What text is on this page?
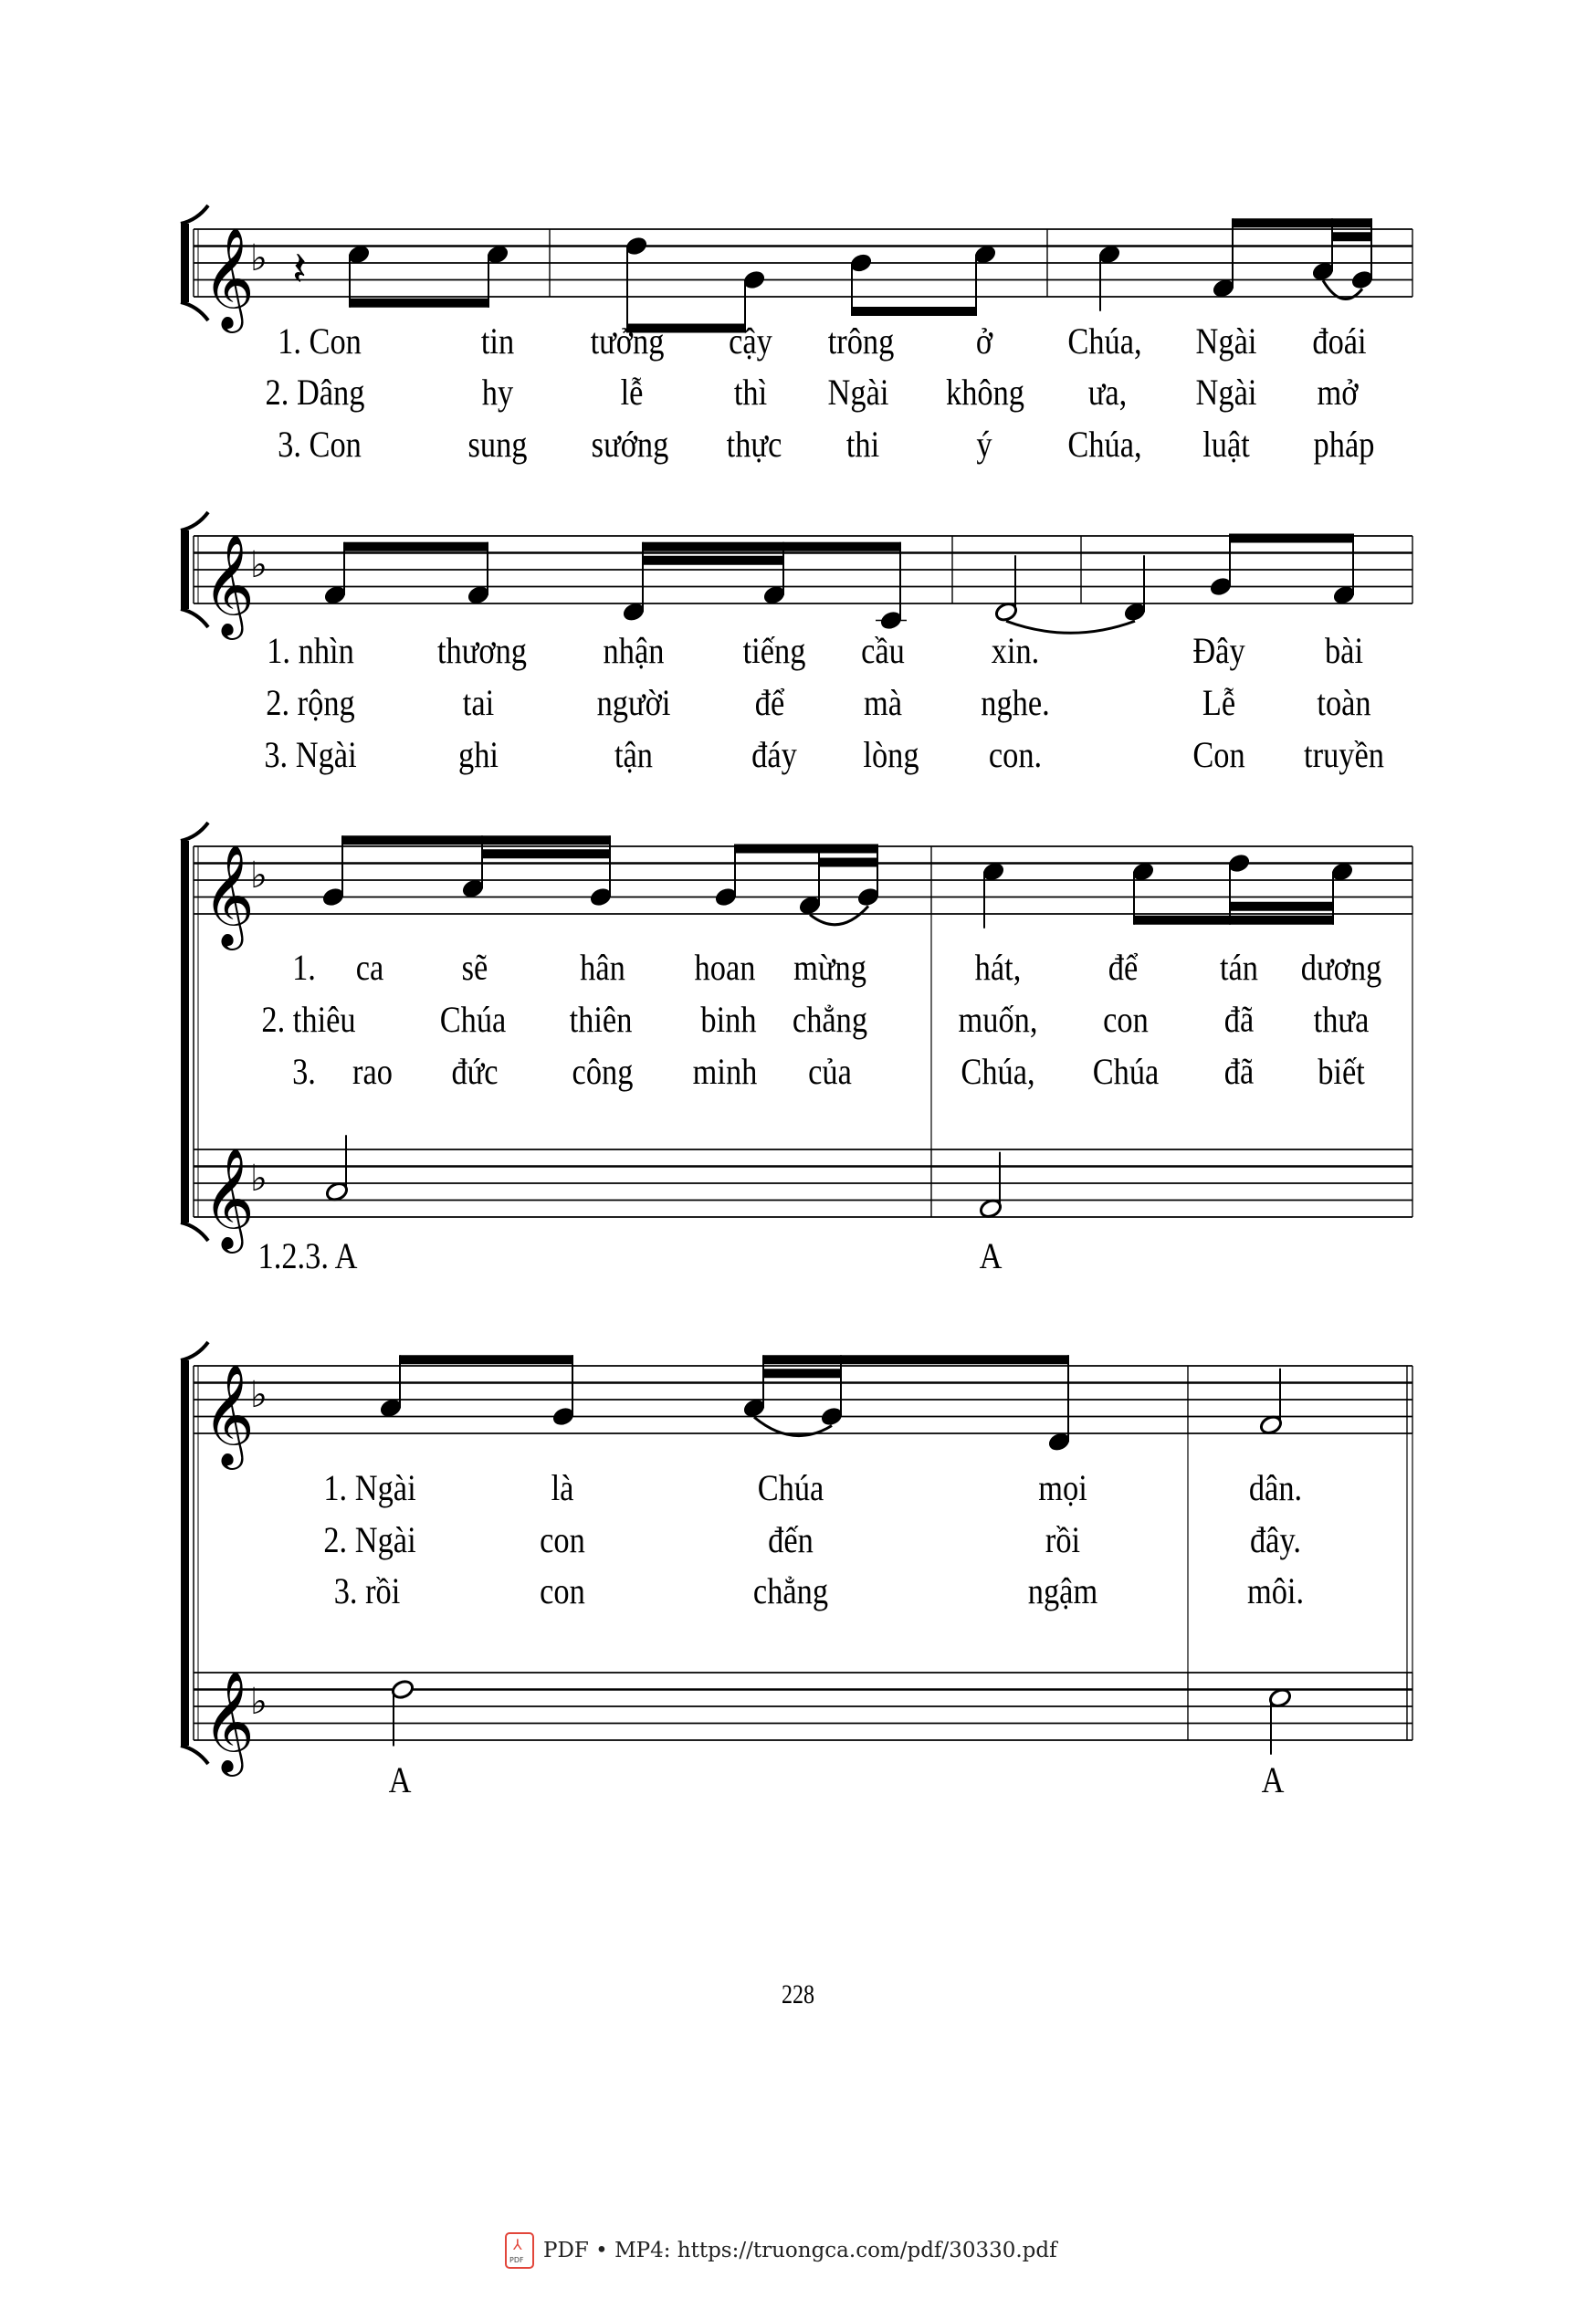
𝄞
♭ 𝄽
𝄞
♭
𝄞
♭
𝄞
♭
𝄞
♭
𝄞
♭
1. Con	tin tưởng cậy trông ở Chúa, Ngài đoái
2. Dâng	hy	lễ thì Ngài không ưa, Ngài mở
3. Con	sung sướng thực thi	ý Chúa, luật pháp
1. nhìn thương nhận tiếng cầu xin.	Đây bài
2. rộng	tai	người để mà nghe.	Lễ toàn
3. Ngài	ghi	tận	đáy lòng con.	Con truyền
1.2.3. A	A
1. ca sẽ	hân hoan mừng	hát, để tán dương
2. thiêu Chúa thiên binh chẳng muốn, con đã thưa
3. rao đức công minh của	Chúa, Chúa đã biết
A	A
1. Ngài	là	Chúa	mọi	dân.
2. Ngài	con	đến	rồi	đây.
3. rồi	con	chẳng	ngậm	môi.
228
⅄
PDF PDF • MP4: https://truongca.com/pdf/30330.pdf
